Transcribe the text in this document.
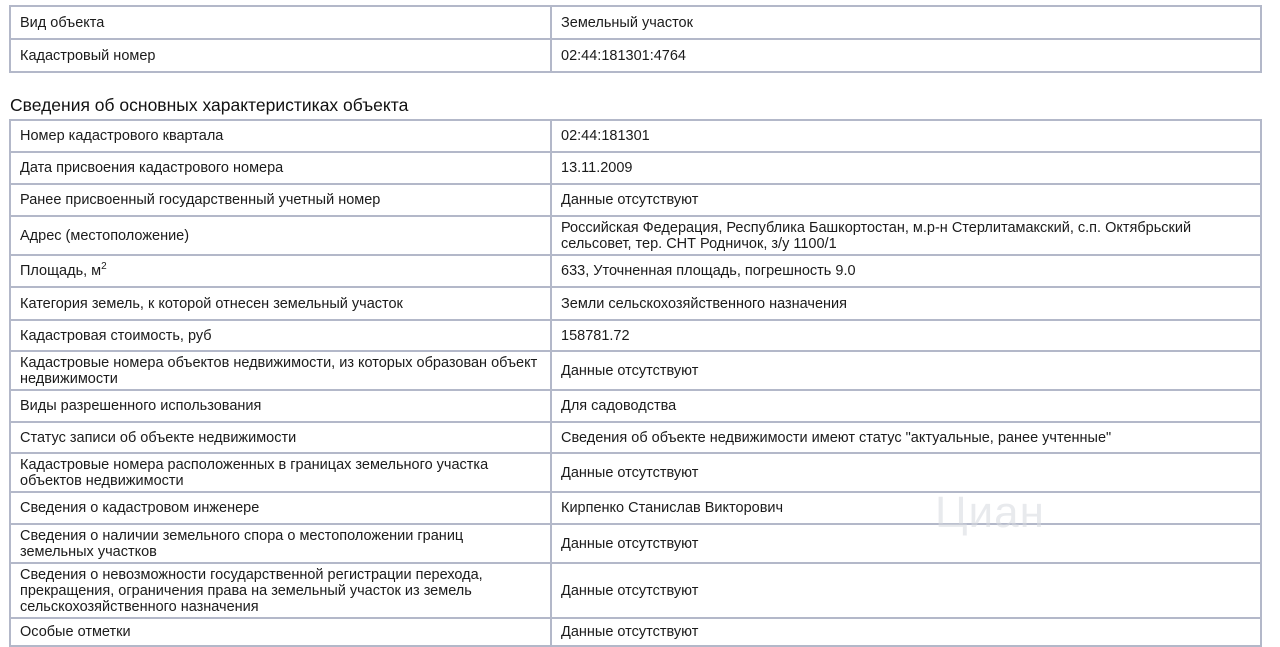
Вид объекта	Земельный участок
Кадастровый номер	02:44:181301:4764
Сведения об основных характеристиках объекта
Номер кадастрового квартала	02:44:181301
Дата присвоения кадастрового номера	13.11.2009
Ранее присвоенный государственный учетный номер	Данные отсутствуют
Адрес (местоположение)	Российская Федерация, Республика Башкортостан, м.р-н Стерлитамакский, с.п. Октябрьский сельсовет, тер. СНТ Родничок, з/у 1100/1
Площадь, $м^2$	633, Уточненная площадь, погрешность 9.0
Категория земель, к которой отнесен земельный участок	Земли сельскохозяйственного назначения
Кадастровая стоимость, руб	158781.72
Кадастровые номера объектов недвижимости, из которых образован объект недвижимости	Данные отсутствуют
Виды разрешенного использования	Для садоводства
Статус записи об объекте недвижимости	Сведения об объекте недвижимости имеют статус "актуальные, ранее учтенные"
Кадастровые номера расположенных в границах земельного участка объектов недвижимости	Данные отсутствуют
Сведения о кадастровом инженере	Кирпенко Станислав Викторович
Сведения о наличии земельного спора о местоположении границ земельных участков	Данные отсутствуют
Сведения о невозможности государственной регистрации перехода, прекращения, ограничения права на земельный участок из земель сельскохозяйственного назначения	Данные отсутствуют
Особые отметки	Данные отсутствуют
Циан
